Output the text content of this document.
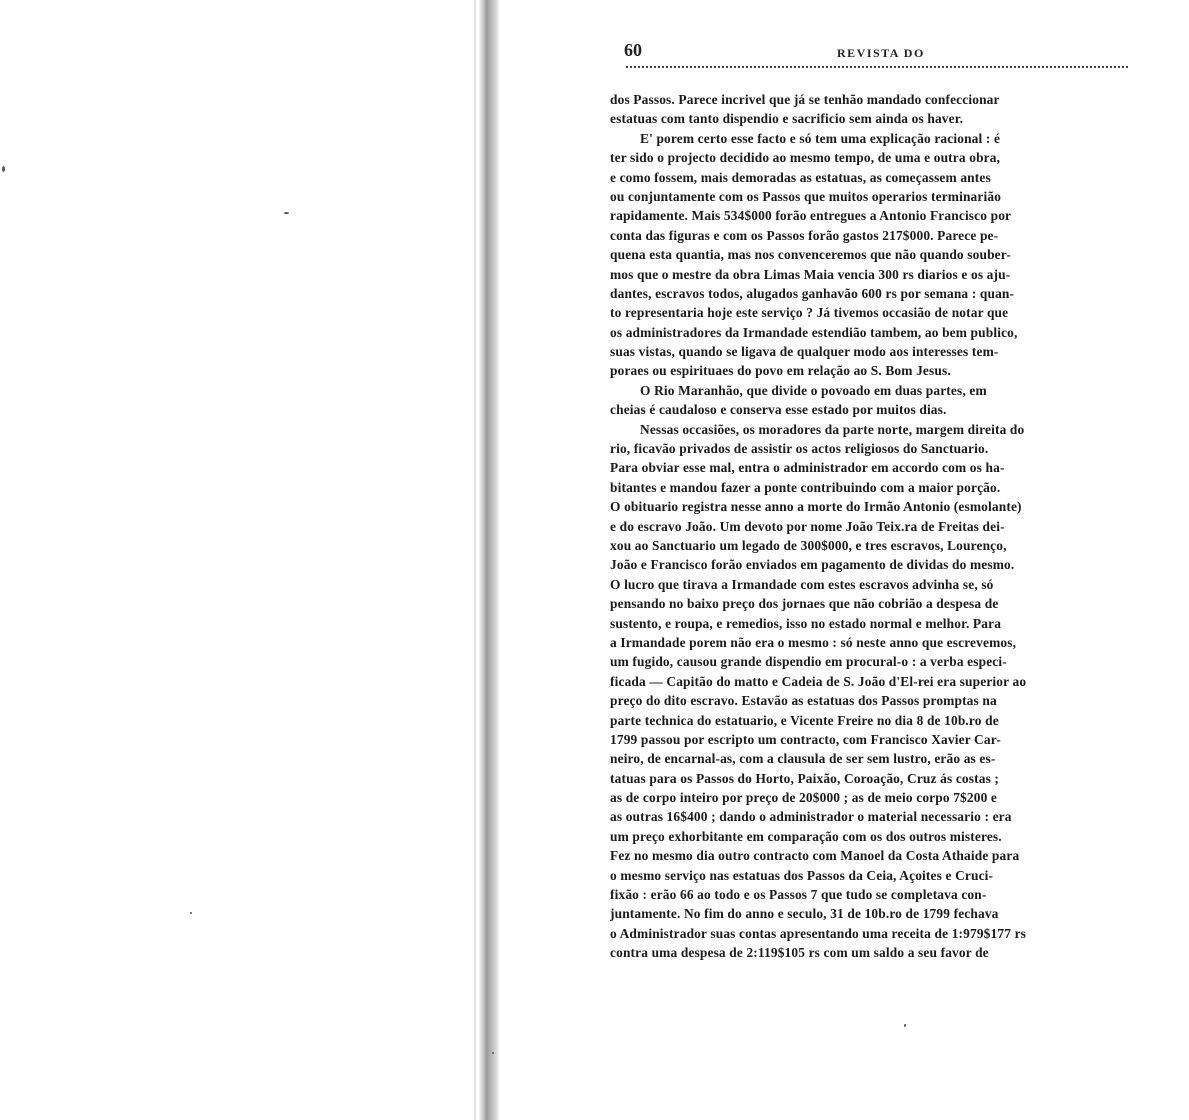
60	REVISTA DO
dos Passos. Parece incrivel que já se tenhão mandado confeccionar
estatuas com tanto dispendio e sacrificio sem ainda os haver.
E' porem certo esse facto e só tem uma explicação racional : é
ter sido o projecto decidido ao mesmo tempo, de uma e outra obra,
e como fossem, mais demoradas as estatuas, as começassem antes
ou conjuntamente com os Passos que muitos operarios terminarião
rapidamente. Mais 534$000 forão entregues a Antonio Francisco por
conta das figuras e com os Passos forão gastos 217$000. Parece pe-
quena esta quantia, mas nos convenceremos que não quando souber-
mos que o mestre da obra Limas Maia vencia 300 rs diarios e os aju-
dantes, escravos todos, alugados ganhavão 600 rs por semana : quan-
to representaria hoje este serviço ? Já tivemos occasião de notar que
os administradores da Irmandade estendião tambem, ao bem publico,
suas vistas, quando se ligava de qualquer modo aos interesses tem-
poraes ou espirituaes do povo em relação ao S. Bom Jesus.
O Rio Maranhão, que divide o povoado em duas partes, em
cheias é caudaloso e conserva esse estado por muitos dias.
Nessas occasiões, os moradores da parte norte, margem direita do
rio, ficavão privados de assistir os actos religiosos do Sanctuario.
Para obviar esse mal, entra o administrador em accordo com os ha-
bitantes e mandou fazer a ponte contribuindo com a maior porção.
O obituario registra nesse anno a morte do Irmão Antonio (esmolante)
e do escravo João. Um devoto por nome João Teix.ra de Freitas dei-
xou ao Sanctuario um legado de 300$000, e tres escravos, Lourenço,
João e Francisco forão enviados em pagamento de dividas do mesmo.
O lucro que tirava a Irmandade com estes escravos advinha se, só
pensando no baixo preço dos jornaes que não cobrião a despesa de
sustento, e roupa, e remedios, isso no estado normal e melhor. Para
a Irmandade porem não era o mesmo : só neste anno que escrevemos,
um fugido, causou grande dispendio em procural-o : a verba especi-
ficada — Capitão do matto e Cadeia de S. João d'El-rei era superior ao
preço do dito escravo. Estavão as estatuas dos Passos promptas na
parte technica do estatuario, e Vicente Freire no dia 8 de 10b.ro de
1799 passou por escripto um contracto, com Francisco Xavier Car-
neiro, de encarnal-as, com a clausula de ser sem lustro, erão as es-
tatuas para os Passos do Horto, Paixão, Coroação, Cruz ás costas ;
as de corpo inteiro por preço de 20$000 ; as de meio corpo 7$200 e
as outras 16$400 ; dando o administrador o material necessario : era
um preço exhorbitante em comparação com os dos outros misteres.
Fez no mesmo dia outro contracto com Manoel da Costa Athaide para
o mesmo serviço nas estatuas dos Passos da Ceia, Açoites e Cruci-
fixão : erão 66 ao todo e os Passos 7 que tudo se completava con-
juntamente. No fim do anno e seculo, 31 de 10b.ro de 1799 fechava
o Administrador suas contas apresentando uma receita de 1:979$177 rs
contra uma despesa de 2:119$105 rs com um saldo a seu favor de
